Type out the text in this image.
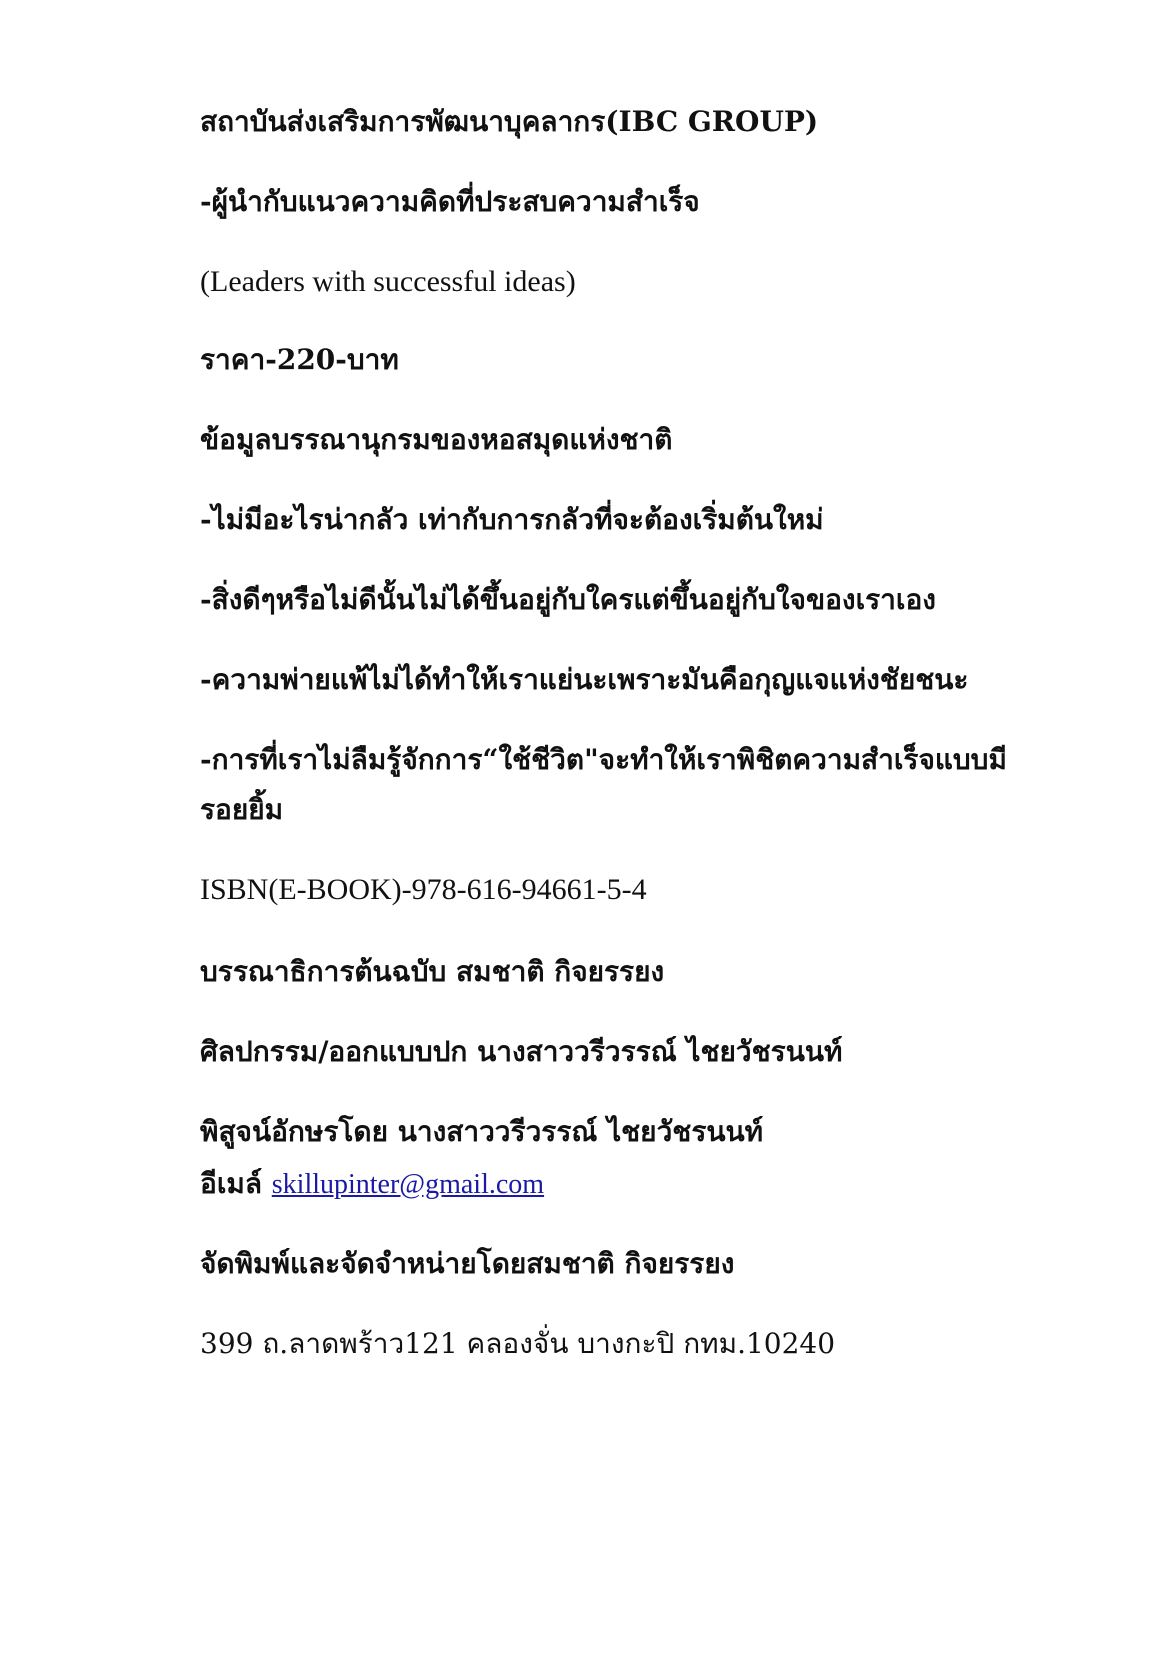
สถาบันส่งเสริมการพัฒนาบุคลากร(IBC GROUP)
-ผู้นำกับแนวความคิดที่ประสบความสำเร็จ
(Leaders with successful ideas)
ราคา-220-บาท
ข้อมูลบรรณานุกรมของหอสมุดแห่งชาติ
-ไม่มีอะไรน่ากลัว เท่ากับการกลัวที่จะต้องเริ่มต้นใหม่
-สิ่งดีๆหรือไม่ดีนั้นไม่ได้ขึ้นอยู่กับใครแต่ขึ้นอยู่กับใจของเราเอง
-ความพ่ายแพ้ไม่ได้ทำให้เราแย่นะเพราะมันคือกุญแจแห่งชัยชนะ
-การที่เราไม่ลืมรู้จักการ“ใช้ชีวิต"จะทำให้เราพิชิตความสำเร็จแบบมี
รอยยิ้ม
ISBN(E-BOOK)-978-616-94661-5-4
บรรณาธิการต้นฉบับ สมชาติ กิจยรรยง
ศิลปกรรม/ออกแบบปก นางสาววรีวรรณ์ ไชยวัชรนนท์
พิสูจน์อักษรโดย นางสาววรีวรรณ์ ไชยวัชรนนท์
อีเมล์ skillupinter@gmail.com
จัดพิมพ์และจัดจำหน่ายโดยสมชาติ กิจยรรยง
399 ถ.ลาดพร้าว121 คลองจั่น บางกะปิ กทม.10240
